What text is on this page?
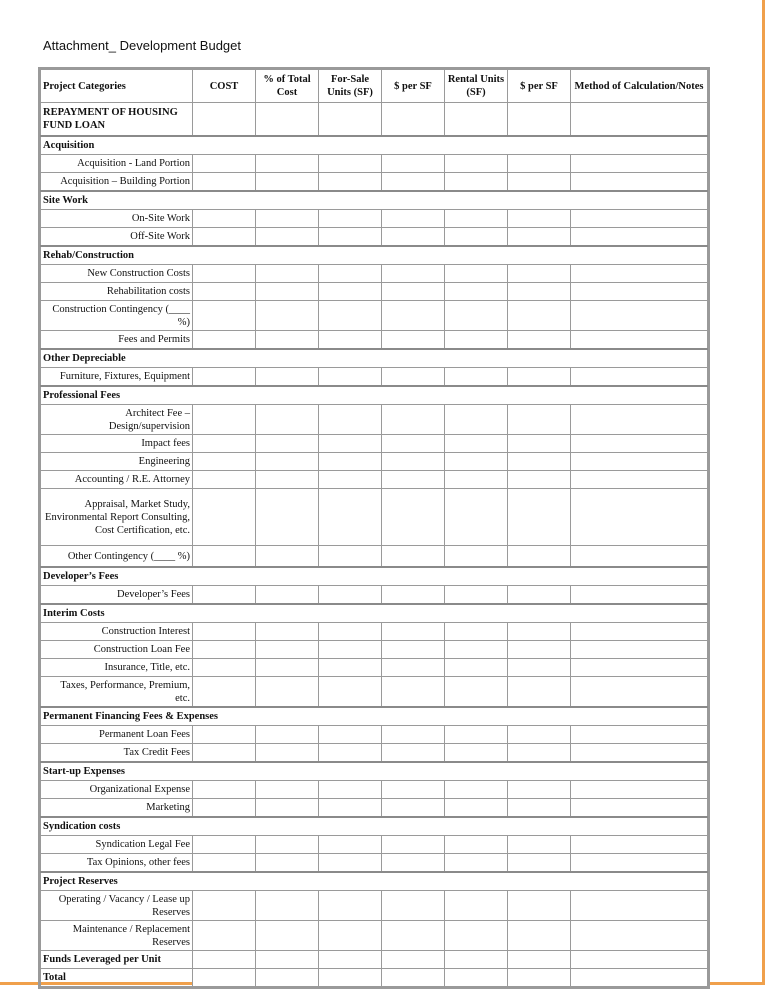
Attachment_ Development Budget
Project Categories	COST	% of Total Cost	For-Sale Units (SF)	$ per SF	Rental Units (SF)	$ per SF	Method of Calculation/Notes
REPAYMENT OF HOUSING FUND LOAN							
Acquisition							
Acquisition - Land Portion							
Acquisition – Building Portion							
Site Work							
On-Site Work							
Off-Site Work							
Rehab/Construction							
New Construction Costs							
Rehabilitation costs							
Construction Contingency (____ %)							
Fees and Permits							
Other Depreciable							
Furniture, Fixtures, Equipment							
Professional Fees							
Architect Fee – Design/supervision							
Impact fees							
Engineering							
Accounting / R.E. Attorney							
Appraisal, Market Study, Environmental Report Consulting, Cost Certification, etc.							
Other Contingency (____ %)							
Developer’s Fees							
Developer’s Fees							
Interim Costs							
Construction Interest							
Construction Loan Fee							
Insurance, Title, etc.							
Taxes, Performance, Premium, etc.							
Permanent Financing Fees & Expenses							
Permanent Loan Fees							
Tax Credit Fees							
Start-up Expenses							
Organizational Expense							
Marketing							
Syndication costs							
Syndication Legal Fee							
Tax Opinions, other fees							
Project Reserves							
Operating / Vacancy / Lease up Reserves							
Maintenance / Replacement Reserves							
Funds Leveraged per Unit							
Total							
